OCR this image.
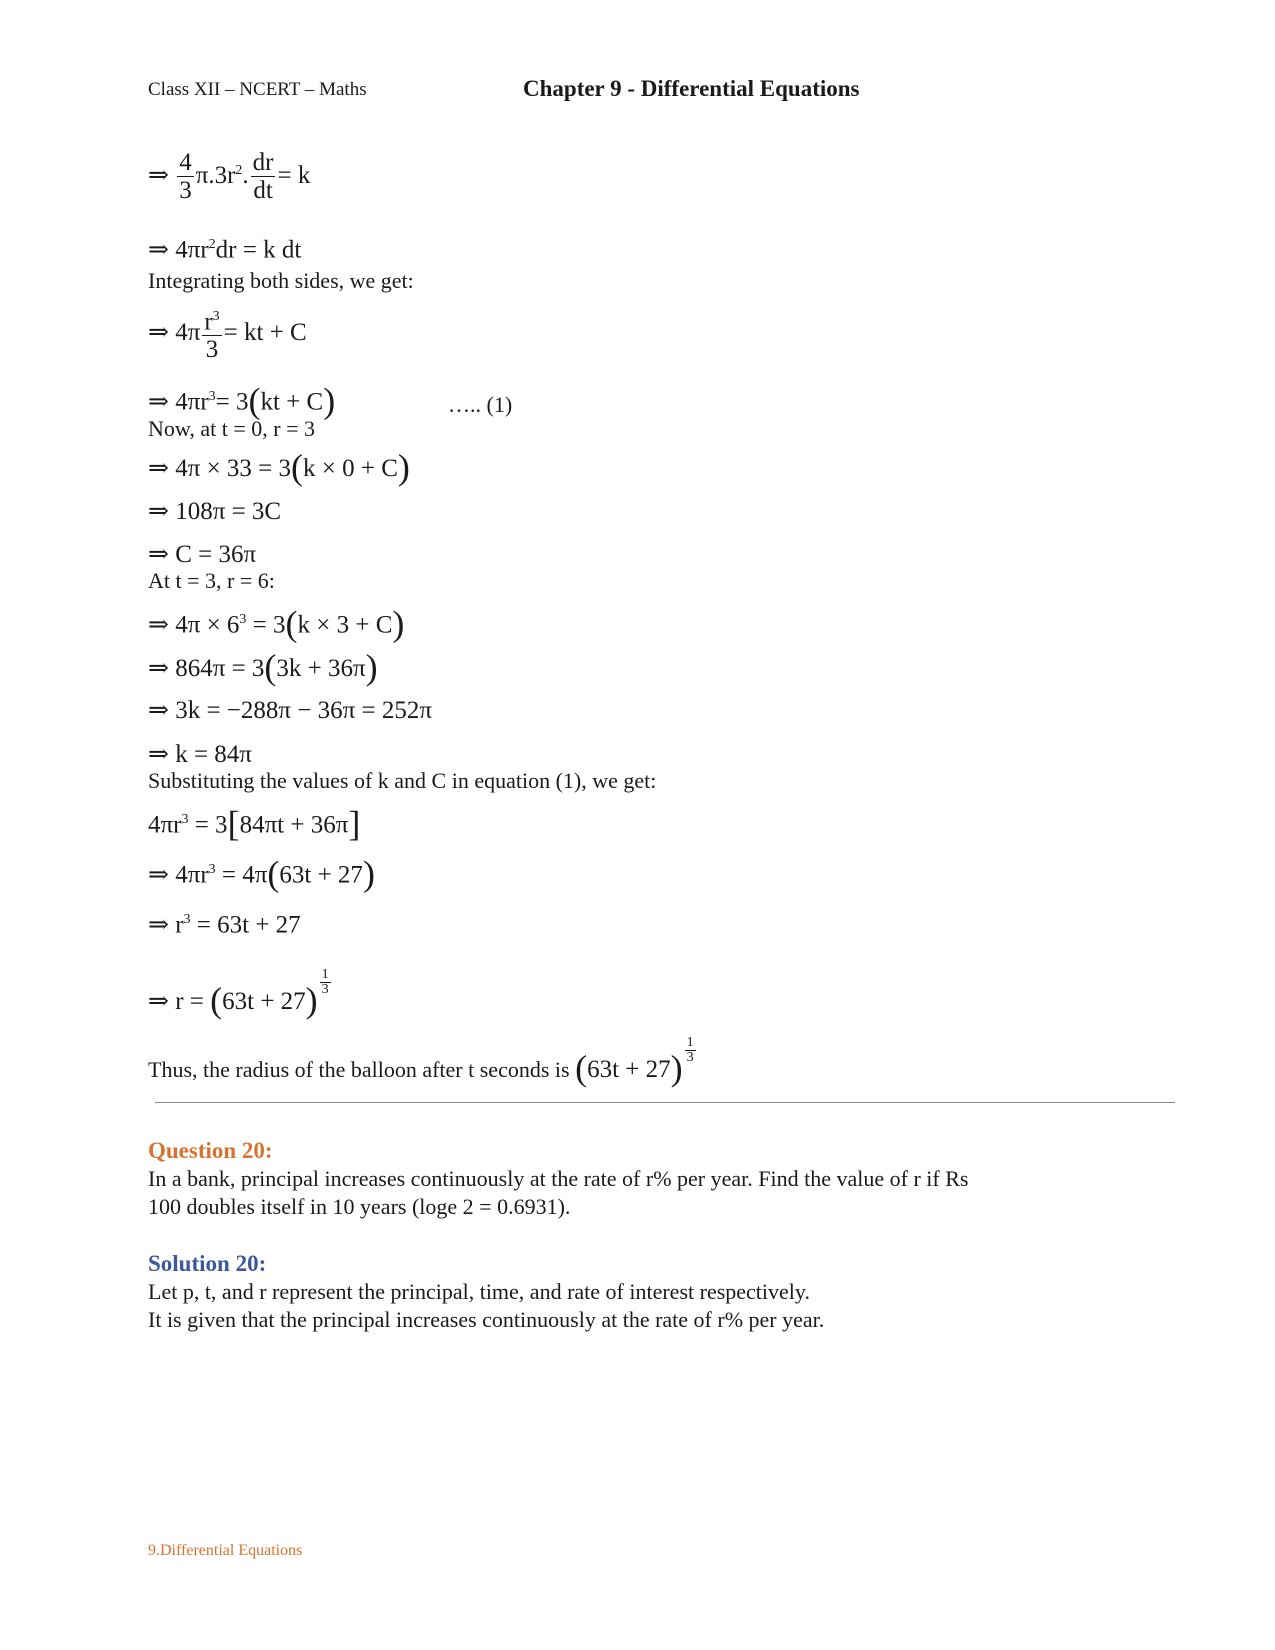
Class XII – NCERT – Maths	Chapter 9 - Differential Equations
⇒ $\frac{4}{3} \pi.3r^2$. $\frac{dr}{dt} = k$
⇒ $4\pi r^2dr = k$ dt
Integrating both sides, we get:
⇒ $4\pi \frac{r^3}{3}$ = kt + C
⇒ $4\pi r^3= 3(kt + C)$	….. (1)
Now, at t = 0, r = 3
⇒ 4π × 33 = 3(k × 0 + C)
⇒ 108π = 3C
⇒ C = 36π
At t = 3, r = 6:
⇒ $4\pi \times 6^3 = 3(k \times 3 + C)$
⇒ 864π = 3(3k + 36π)
⇒ 3k = −288π − 36π = 252π
⇒ k = 84π
Substituting the values of k and C in equation (1), we get:
$4\pi r^3 = 3[84\pi t + 36\pi]$
⇒ $4\pi r^3 = 4\pi(63t + 27)$
⇒ $r^3 = 63t + 27$
⇒ $r = (63t + 27) \frac{1}{3}$
Thus, the radius of the balloon after t seconds is $(63t + 27) \frac{1}{3}$
Question 20:
In a bank, principal increases continuously at the rate of r% per year. Find the value of r if Rs
100 doubles itself in 10 years (loge 2 = 0.6931).
Solution 20:
Let p, t, and r represent the principal, time, and rate of interest respectively.
It is given that the principal increases continuously at the rate of r% per year.
9.Differential Equations
